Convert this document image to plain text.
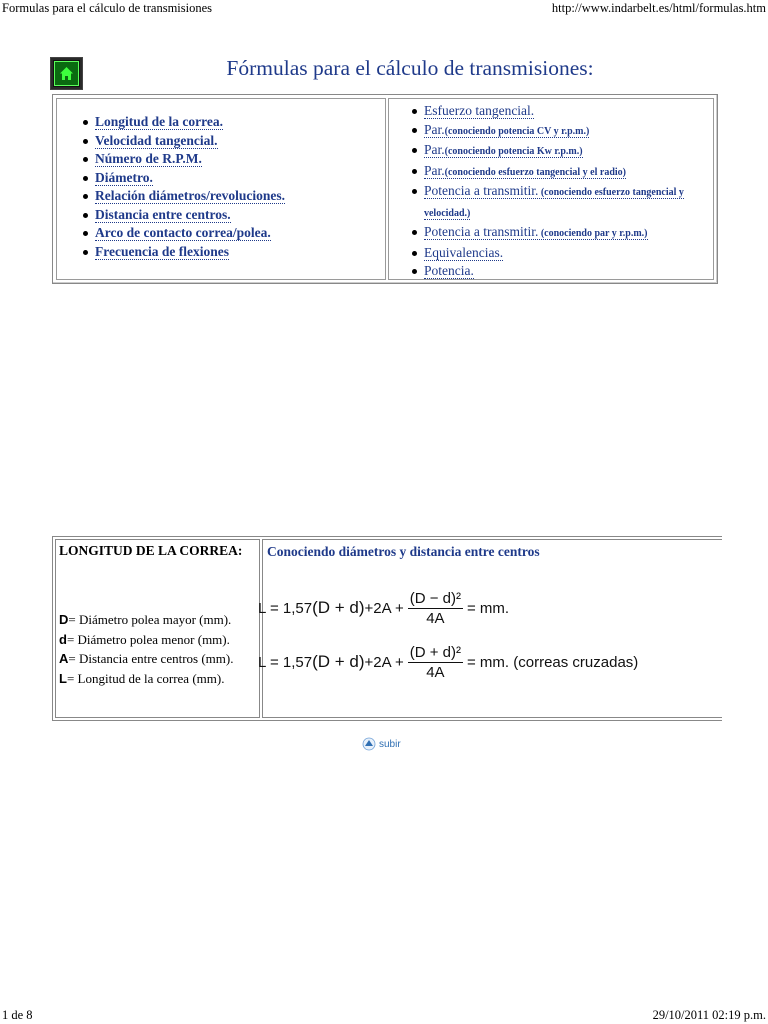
Formulas para el cálculo de transmisiones	http://www.indarbelt.es/html/formulas.htm
Fórmulas para el cálculo de transmisiones:
Longitud de la correa.
Velocidad tangencial.
Número de R.P.M.
Diámetro.
Relación diámetros/revoluciones.
Distancia entre centros.
Arco de contacto correa/polea.
Frecuencia de flexiones
Esfuerzo tangencial.
Par.(conociendo potencia CV y r.p.m.)
Par.(conociendo potencia Kw r.p.m.)
Par.(conociendo esfuerzo tangencial y el radio)
Potencia a transmitir. (conociendo esfuerzo tangencial y velocidad.)
Potencia a transmitir. (conociendo par y r.p.m.)
Equivalencias.
Potencia.
LONGITUD DE LA CORREA:
D= Diámetro polea mayor (mm).
d= Diámetro polea menor (mm).
A= Distancia entre centros (mm).
L= Longitud de la correa (mm).
Conociendo diámetros y distancia entre centros
L = 1,57 $(D + d) +2A + \frac{\text{(D − d)²}}{4A}$ = mm.
L = 1,57 $(D + d) +2A + \frac{\text{(D + d)²}}{4A}$ = mm. (correas cruzadas)
subir
1 de 8	29/10/2011 02:19 p.m.
